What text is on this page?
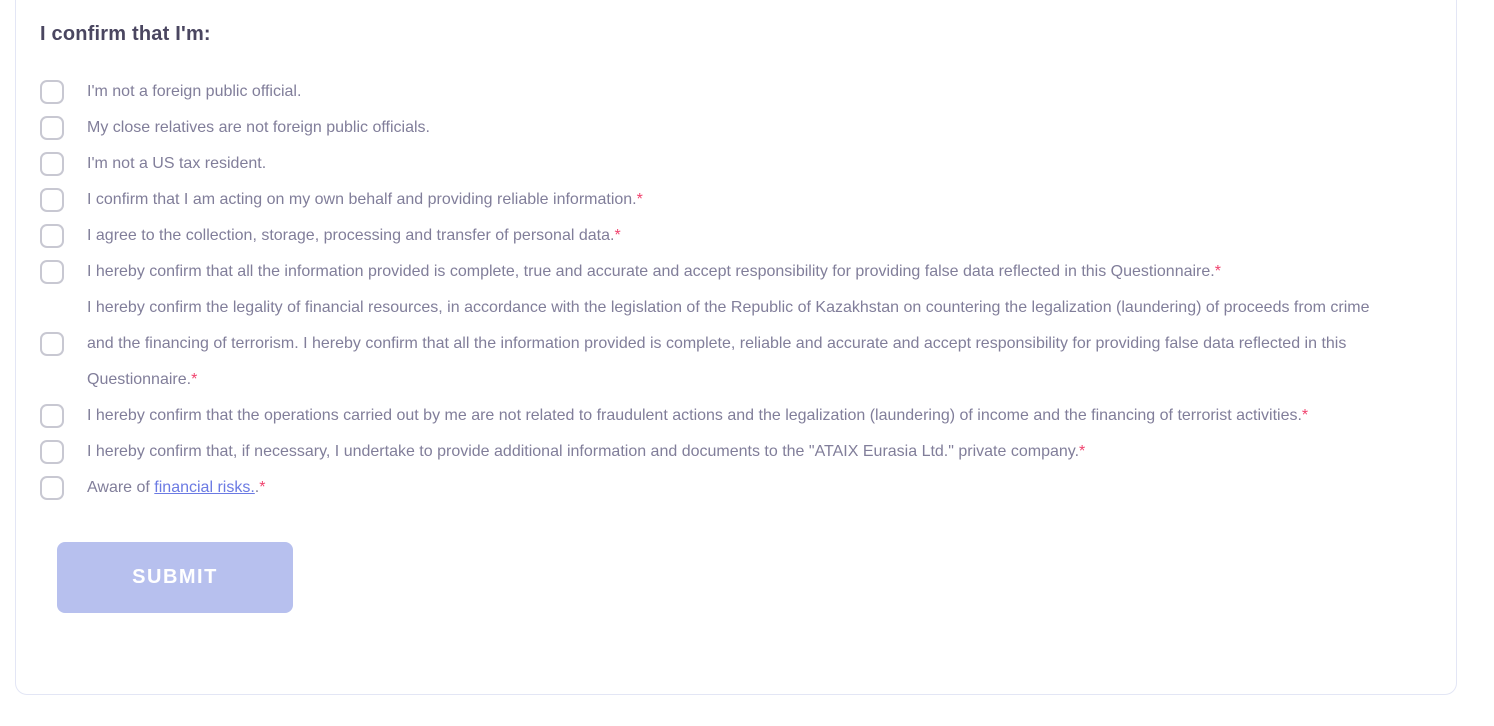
I confirm that I'm:
I'm not a foreign public official.
My close relatives are not foreign public officials.
I'm not a US tax resident.
I confirm that I am acting on my own behalf and providing reliable information.*
I agree to the collection, storage, processing and transfer of personal data.*
I hereby confirm that all the information provided is complete, true and accurate and accept responsibility for providing false data reflected in this Questionnaire.*
I hereby confirm the legality of financial resources, in accordance with the legislation of the Republic of Kazakhstan on countering the legalization (laundering) of proceeds from crime and the financing of terrorism. I hereby confirm that all the information provided is complete, reliable and accurate and accept responsibility for providing false data reflected in this Questionnaire.*
I hereby confirm that the operations carried out by me are not related to fraudulent actions and the legalization (laundering) of income and the financing of terrorist activities.*
I hereby confirm that, if necessary, I undertake to provide additional information and documents to the "ATAIX Eurasia Ltd." private company.*
Aware of financial risks..*
SUBMIT
